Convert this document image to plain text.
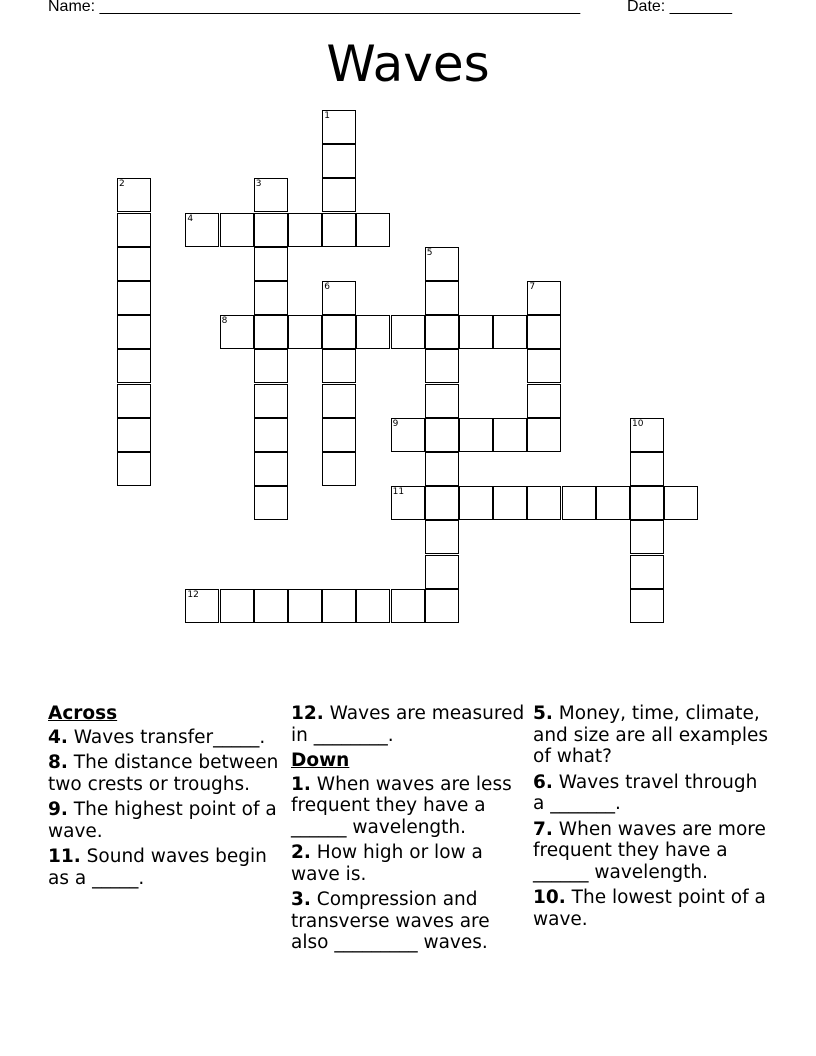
Name: ______________________________________________________	Date: _______
Waves
1
2	3
4
5
6	7
8
9	10
11
12
Across

4. Waves transfer_____.

8. The distance between two crests or troughs.

9. The highest point of a wave.

11. Sound waves begin as a _____.

12. Waves are measured in ________.

Down

1. When waves are less frequent they have a ______ wavelength.

2. How high or low a wave is.

3. Compression and transverse waves are also _________ waves.

5. Money, time, climate, and size are all examples of what?

6. Waves travel through a _______.

7. When waves are more frequent they have a ______ wavelength.

10. The lowest point of a wave.
